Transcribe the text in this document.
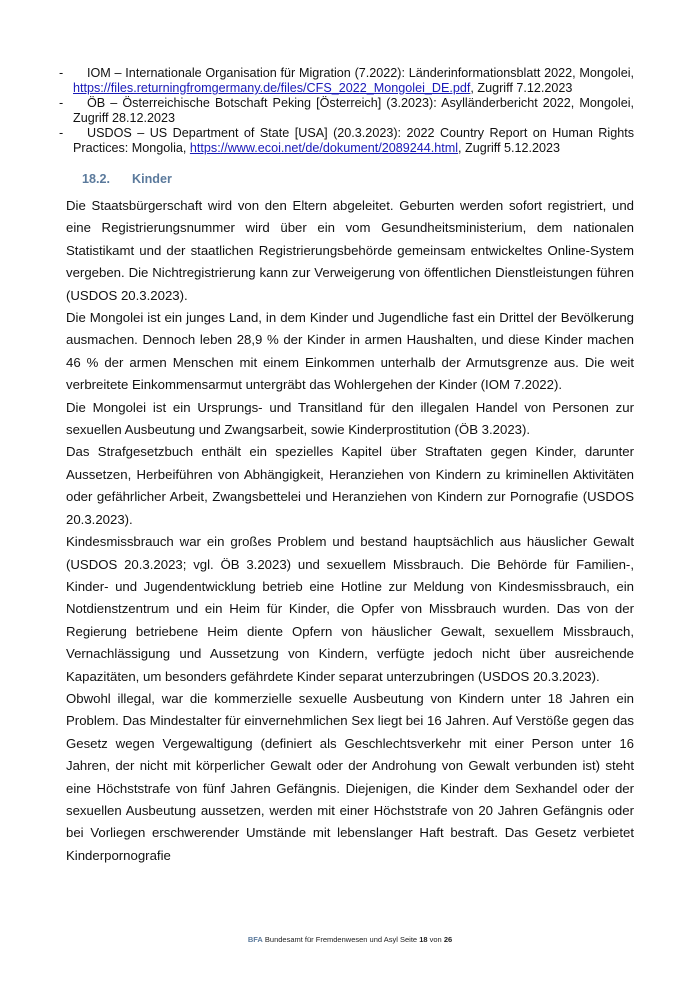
- IOM – Internationale Organisation für Migration (7.2022): Länderinformationsblatt 2022, Mongolei, https://files.returningfromgermany.de/files/CFS_2022_Mongolei_DE.pdf, Zugriff 7.12.2023

- ÖB – Österreichische Botschaft Peking [Österreich] (3.2023): Asylländerbericht 2022, Mongolei, Zugriff 28.12.2023

- USDOS – US Department of State [USA] (20.3.2023): 2022 Country Report on Human Rights Practices: Mongolia, https://www.ecoi.net/de/dokument/2089244.html, Zugriff 5.12.2023

18.2. Kinder

Die Staatsbürgerschaft wird von den Eltern abgeleitet. Geburten werden sofort registriert, und eine Registrierungsnummer wird über ein vom Gesundheitsministerium, dem nationalen Statistikamt und der staatlichen Registrierungsbehörde gemeinsam entwickeltes Online-System vergeben. Die Nichtregistrierung kann zur Verweigerung von öffentlichen Dienstleistungen führen (USDOS 20.3.2023).

Die Mongolei ist ein junges Land, in dem Kinder und Jugendliche fast ein Drittel der Bevölkerung ausmachen. Dennoch leben 28,9 % der Kinder in armen Haushalten, und diese Kinder machen 46 % der armen Menschen mit einem Einkommen unterhalb der Armutsgrenze aus. Die weit verbreitete Einkommensarmut untergräbt das Wohlergehen der Kinder (IOM 7.2022).

Die Mongolei ist ein Ursprungs- und Transitland für den illegalen Handel von Personen zur sexuellen Ausbeutung und Zwangsarbeit, sowie Kinderprostitution (ÖB 3.2023).

Das Strafgesetzbuch enthält ein spezielles Kapitel über Straftaten gegen Kinder, darunter Aussetzen, Herbeiführen von Abhängigkeit, Heranziehen von Kindern zu kriminellen Aktivitäten oder gefährlicher Arbeit, Zwangsbettelei und Heranziehen von Kindern zur Pornografie (USDOS 20.3.2023).

Kindesmissbrauch war ein großes Problem und bestand hauptsächlich aus häuslicher Gewalt (USDOS 20.3.2023; vgl. ÖB 3.2023) und sexuellem Missbrauch. Die Behörde für Familien-, Kinder- und Jugendentwicklung betrieb eine Hotline zur Meldung von Kindesmissbrauch, ein Notdienstzentrum und ein Heim für Kinder, die Opfer von Missbrauch wurden. Das von der Regierung betriebene Heim diente Opfern von häuslicher Gewalt, sexuellem Missbrauch, Vernachlässigung und Aussetzung von Kindern, verfügte jedoch nicht über ausreichende Kapazitäten, um besonders gefährdete Kinder separat unterzubringen (USDOS 20.3.2023).

Obwohl illegal, war die kommerzielle sexuelle Ausbeutung von Kindern unter 18 Jahren ein Problem. Das Mindestalter für einvernehmlichen Sex liegt bei 16 Jahren. Auf Verstöße gegen das Gesetz wegen Vergewaltigung (definiert als Geschlechtsverkehr mit einer Person unter 16 Jahren, der nicht mit körperlicher Gewalt oder der Androhung von Gewalt verbunden ist) steht eine Höchststrafe von fünf Jahren Gefängnis. Diejenigen, die Kinder dem Sexhandel oder der sexuellen Ausbeutung aussetzen, werden mit einer Höchststrafe von 20 Jahren Gefängnis oder bei Vorliegen erschwerender Umstände mit lebenslanger Haft bestraft. Das Gesetz verbietet Kinderpornografie

BFA Bundesamt für Fremdenwesen und Asyl Seite 18 von 26
